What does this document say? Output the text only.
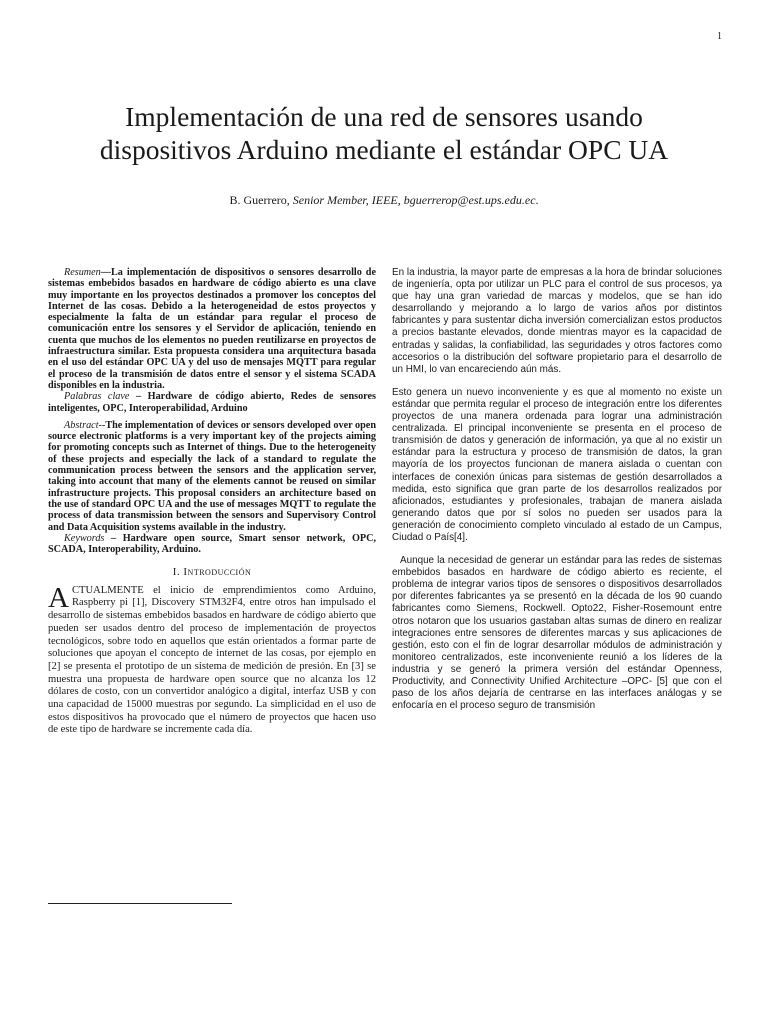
1
Implementación de una red de sensores usando dispositivos Arduino mediante el estándar OPC UA
B. Guerrero, Senior Member, IEEE, bguerrerop@est.ups.edu.ec.

Resumen—La implementación de dispositivos o sensores desarrollo de sistemas embebidos basados en hardware de código abierto es una clave muy importante en los proyectos destinados a promover los conceptos del Internet de las cosas. Debido a la heterogeneidad de estos proyectos y especialmente la falta de un estándar para regular el proceso de comunicación entre los sensores y el Servidor de aplicación, teniendo en cuenta que muchos de los elementos no pueden reutilizarse en proyectos de infraestructura similar. Esta propuesta considera una arquitectura basada en el uso del estándar OPC UA y del uso de mensajes MQTT para regular el proceso de la transmisión de datos entre el sensor y el sistema SCADA disponibles en la industria.

Palabras clave – Hardware de código abierto, Redes de sensores inteligentes, OPC, Interoperabilidad, Arduino

Abstract--The implementation of devices or sensors developed over open source electronic platforms is a very important key of the projects aiming for promoting concepts such as Internet of things. Due to the heterogeneity of these projects and especially the lack of a standard to regulate the communication process between the sensors and the application server, taking into account that many of the elements cannot be reused on similar infrastructure projects. This proposal considers an architecture based on the use of standard OPC UA and the use of messages MQTT to regulate the process of data transmission between the sensors and Supervisory Control and Data Acquisition systems available in the industry.

Keywords – Hardware open source, Smart sensor network, OPC, SCADA, Interoperability, Arduino.

I. Introducción

ACTUALMENTE el inicio de emprendimientos como Arduino, Raspberry pi [1], Discovery STM32F4, entre otros han impulsado el desarrollo de sistemas embebidos basados en hardware de código abierto que pueden ser usados dentro del proceso de implementación de proyectos tecnológicos, sobre todo en aquellos que están orientados a formar parte de soluciones que apoyan el concepto de internet de las cosas, por ejemplo en [2] se presenta el prototipo de un sistema de medición de presión. En [3] se muestra una propuesta de hardware open source que no alcanza los 12 dólares de costo, con un convertidor analógico a digital, interfaz USB y con una capacidad de 15000 muestras por segundo. La simplicidad en el uso de estos dispositivos ha provocado que el número de proyectos que hacen uso de este tipo de hardware se incremente cada día.

En la industria, la mayor parte de empresas a la hora de brindar soluciones de ingeniería, opta por utilizar un PLC para el control de sus procesos, ya que hay una gran variedad de marcas y modelos, que se han ido desarrollando y mejorando a lo largo de varios años por distintos fabricantes y para sustentar dicha inversión comercializan estos productos a precios bastante elevados, donde mientras mayor es la capacidad de entradas y salidas, la confiabilidad, las seguridades y otros factores como accesorios o la distribución del software propietario para el desarrollo de un HMI, lo van encareciendo aún más.

Esto genera un nuevo inconveniente y es que al momento no existe un estándar que permita regular el proceso de integración entre los diferentes proyectos de una manera ordenada para lograr una administración centralizada. El principal inconveniente se presenta en el proceso de transmisión de datos y generación de información, ya que al no existir un estándar para la estructura y proceso de transmisión de datos, la gran mayoría de los proyectos funcionan de manera aislada o cuentan con interfaces de conexión únicas para sistemas de gestión desarrollados a medida, esto significa que gran parte de los desarrollos realizados por aficionados, estudiantes y profesionales, trabajan de manera aislada generando datos que por sí solos no pueden ser usados para la generación de conocimiento completo vinculado al estado de un Campus, Ciudad o País[4].

Aunque la necesidad de generar un estándar para las redes de sistemas embebidos basados en hardware de código abierto es reciente, el problema de integrar varios tipos de sensores o dispositivos desarrollados por diferentes fabricantes ya se presentó en la década de los 90 cuando fabricantes como Siemens, Rockwell. Opto22, Fisher-Rosemount entre otros notaron que los usuarios gastaban altas sumas de dinero en realizar integraciones entre sensores de diferentes marcas y sus aplicaciones de gestión, esto con el fin de lograr desarrollar módulos de administración y monitoreo centralizados, este inconveniente reunió a los líderes de la industria y se generó la primera versión del estándar Openness, Productivity, and Connectivity Unified Architecture –OPC- [5] que con el paso de los años dejaría de centrarse en las interfaces análogas y se enfocaría en el proceso seguro de transmisión
